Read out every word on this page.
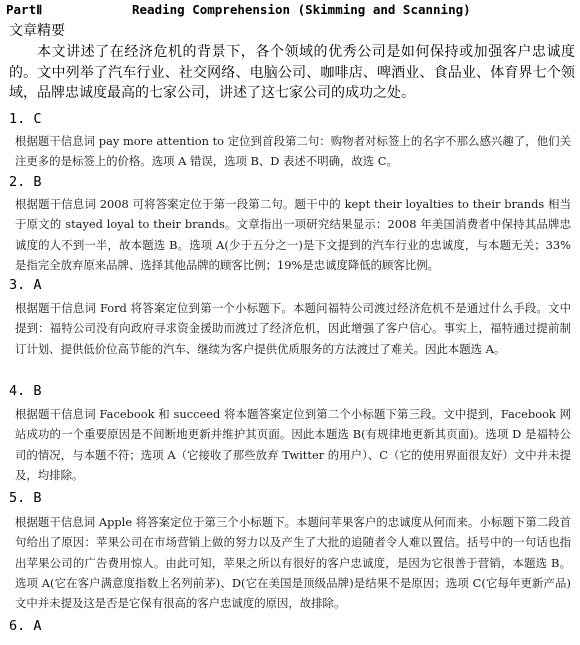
PartⅡ

	Reading Comprehension (Skimming and Scanning)

文章精要
本文讲述了在经济危机的背景下，各个领域的优秀公司是如何保持或加强客户忠诚度的。文中列举了汽车行业、社交网络、电脑公司、咖啡店、啤酒业、食品业、体育界七个领域，品牌忠诚度最高的七家公司，讲述了这七家公司的成功之处。
1. C
根据题干信息词 pay more attention to 定位到首段第二句：购物者对标签上的名字不那么感兴趣了，他们关注更多的是标签上的价格。选项 A 错误，选项 B、D 表述不明确，故选 C。
2. B
根据题干信息词 2008 可将答案定位于第一段第二句。题干中的 kept their loyalties to their brands 相当于原文的 stayed loyal to their brands。文章指出一项研究结果显示：2008 年美国消费者中保持其品牌忠诚度的人不到一半，故本题选 B。选项 A(少于五分之一)是下文提到的汽车行业的忠诚度，与本题无关；33%是指完全放弃原来品牌、选择其他品牌的顾客比例；19%是忠诚度降低的顾客比例。
3. A
根据题干信息词 Ford 将答案定位到第一个小标题下。本题问福特公司渡过经济危机不是通过什么手段。文中提到：福特公司没有向政府寻求资金援助而渡过了经济危机，因此增强了客户信心。事实上，福特通过提前制订计划、提供低价位高节能的汽车、继续为客户提供优质服务的方法渡过了难关。因此本题选 A。
4. B
根据题干信息词 Facebook 和 succeed 将本题答案定位到第二个小标题下第三段。文中提到，Facebook 网站成功的一个重要原因是不间断地更新并维护其页面。因此本题选 B(有规律地更新其页面)。选项 D 是福特公司的情况，与本题不符；选项 A（它接收了那些放弃 Twitter 的用户）、C（它的使用界面很友好）文中并未提及，均排除。
5. B
根据题干信息词 Apple 将答案定位于第三个小标题下。本题问苹果客户的忠诚度从何而来。小标题下第二段首句给出了原因：苹果公司在市场营销上做的努力以及产生了大批的追随者令人难以置信。括号中的一句话也指出苹果公司的广告费用惊人。由此可知，苹果之所以有很好的客户忠诚度，是因为它很善于营销，本题选 B。选项 A(它在客户满意度指数上名列前茅)、D(它在美国是顶级品牌)是结果不是原因；选项 C(它每年更新产品)文中并未提及这是否是它保有很高的客户忠诚度的原因，故排除。
6. A
